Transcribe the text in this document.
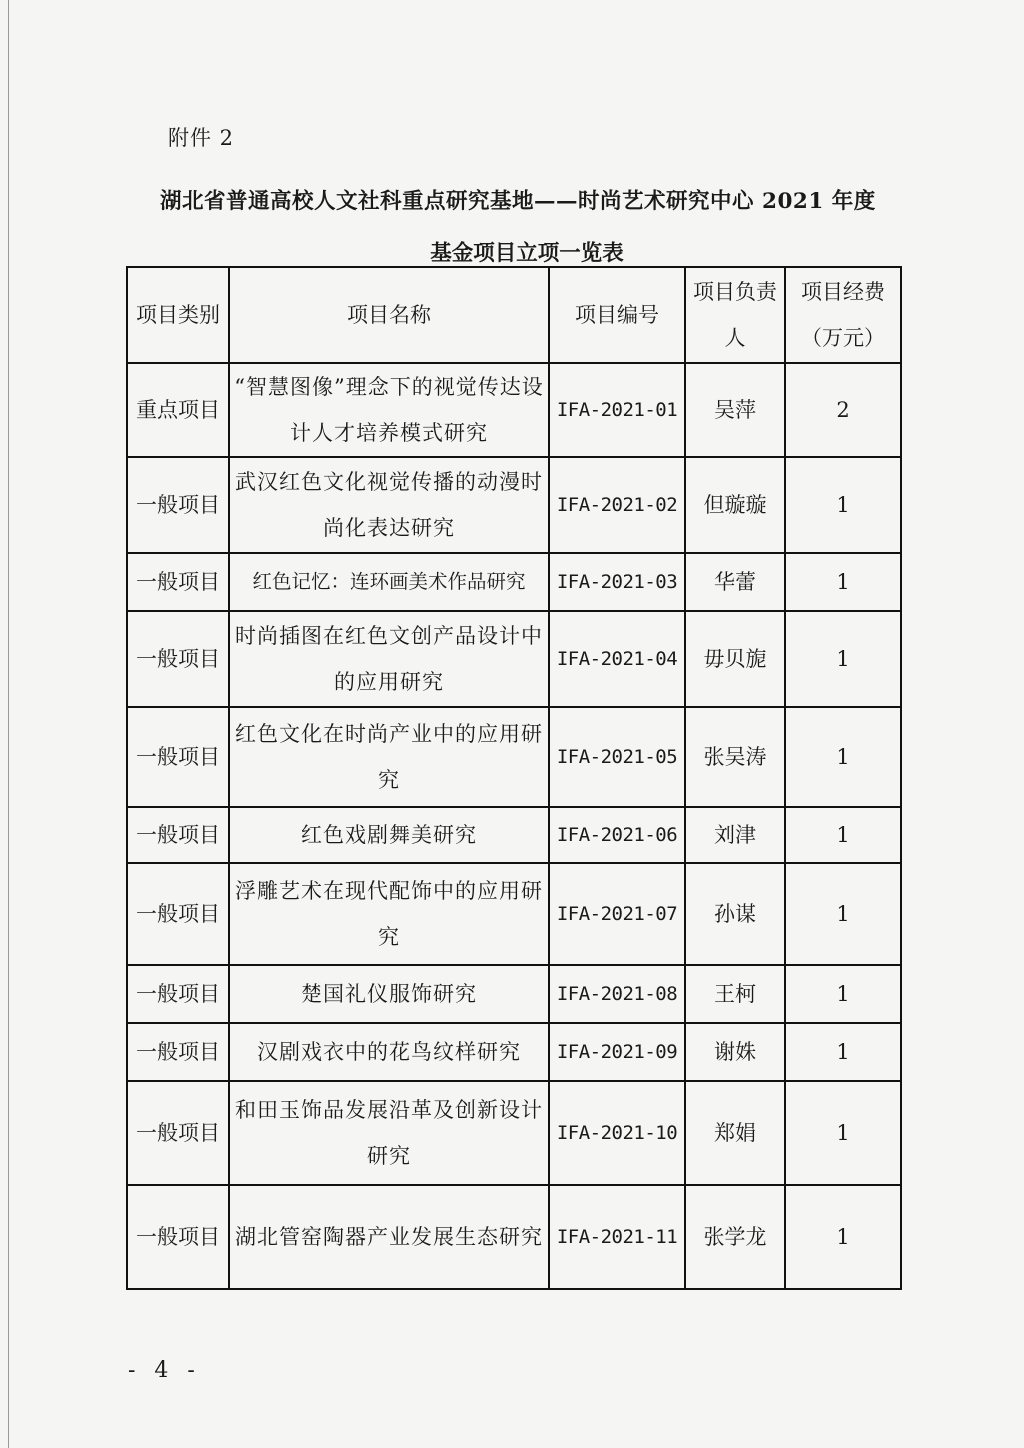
附件 2
湖北省普通高校人文社科重点研究基地——时尚艺术研究中心 2021 年度
基金项目立项一览表
项目类别	项目名称	项目编号	项目负责人	项目经费（万元）
重点项目	“智慧图像”理念下的视觉传达设计人才培养模式研究	IFA-2021-01	吴萍	2
一般项目	武汉红色文化视觉传播的动漫时尚化表达研究	IFA-2021-02	但璇璇	1
一般项目	红色记忆：连环画美术作品研究	IFA-2021-03	华蕾	1
一般项目	时尚插图在红色文创产品设计中的应用研究	IFA-2021-04	毋贝旎	1
一般项目	红色文化在时尚产业中的应用研究	IFA-2021-05	张吴涛	1
一般项目	红色戏剧舞美研究	IFA-2021-06	刘津	1
一般项目	浮雕艺术在现代配饰中的应用研究	IFA-2021-07	孙谋	1
一般项目	楚国礼仪服饰研究	IFA-2021-08	王柯	1
一般项目	汉剧戏衣中的花鸟纹样研究	IFA-2021-09	谢姝	1
一般项目	和田玉饰品发展沿革及创新设计研究	IFA-2021-10	郑娟	1
一般项目	湖北管窑陶器产业发展生态研究	IFA-2021-11	张学龙	1
- 4 -
